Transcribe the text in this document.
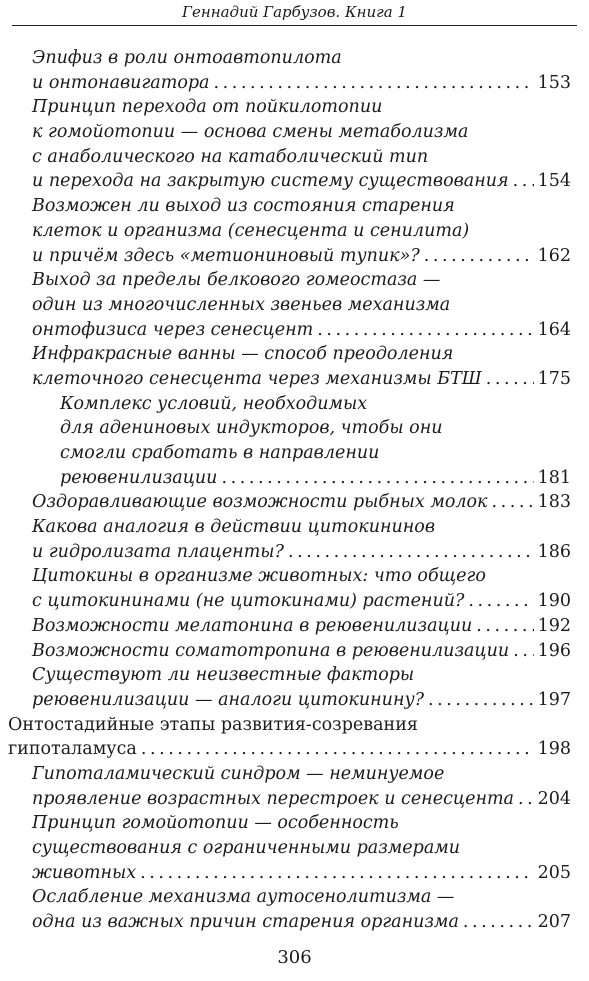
Геннадий Гарбузов. Книга 1
Эпифиз в роли онтоавтопилота
и онтонавигатора . . .	153
Принцип перехода от пойкилотопии
к гомойотопии — основа смены метаболизма
с анаболического на катаболический тип
и перехода на закрытую систему существования . . . 154
Возможен ли выход из состояния старения
клеток и организма (сенесцента и сенилита)
и причём здесь «метиониновый тупик»? . . .	162
Выход за пределы белкового гомеостаза —
один из многочисленных звеньев механизма
онтофизиса через сенесцент . . .	164
Инфракрасные ванны — способ преодоления
клеточного сенесцента через механизмы БТШ . . .	175
Комплекс условий, необходимых
для адениновых индукторов, чтобы они
смогли сработать в направлении
реювенилизации . . .	181
Оздоравливающие возможности рыбных молок . . .	183
Какова аналогия в действии цитокининов
и гидролизата плаценты? . . .	186
Цитокины в организме животных: что общего
с цитокининами (не цитокинами) растений? . . .	190
Возможности мелатонина в реювенилизации . . .	192
Возможности соматотропина в реювенилизации . . . 196
Существуют ли неизвестные факторы
реювенилизации — аналоги цитокинину? . . .	197
Онтостадийные этапы развития-созревания
гипоталамуса . . .	198
Гипоталамический синдром — неминуемое
проявление возрастных перестроек и сенесцента . . . 204
Принцип гомойотопии — особенность
существования с ограниченными размерами
животных . . .	205
Ослабление механизма аутосенолитизма —
одна из важных причин старения организма . . .	207
306
